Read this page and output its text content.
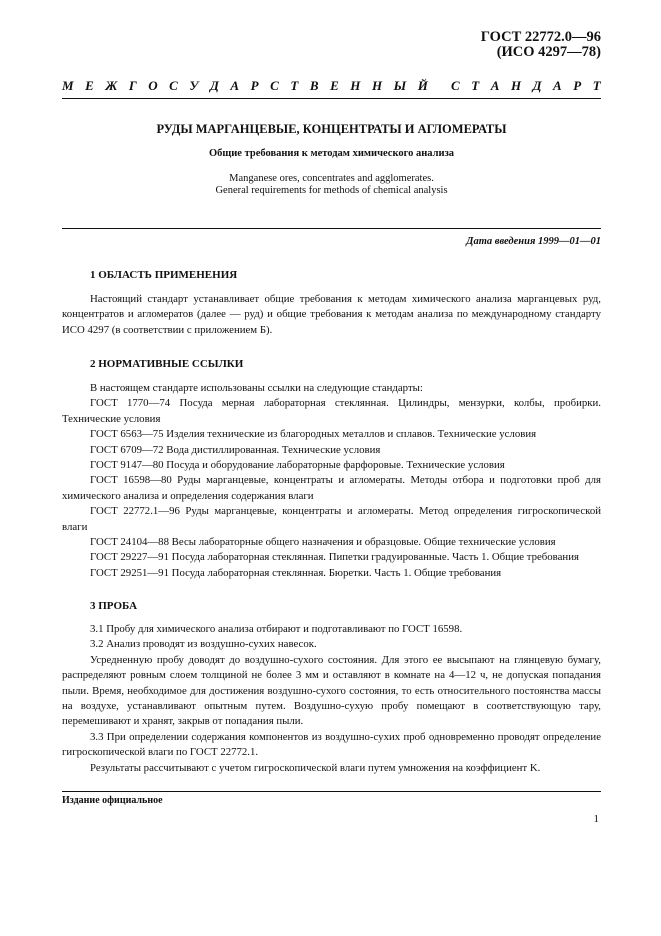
ГОСТ 22772.0—96
(ИСО 4297—78)
М Е Ж Г О С У Д А Р С Т В Е Н Н Ы Й С Т А Н Д А Р Т
РУДЫ МАРГАНЦЕВЫЕ, КОНЦЕНТРАТЫ И АГЛОМЕРАТЫ
Общие требования к методам химического анализа
Manganese ores, concentrates and agglomerates.
General requirements for methods of chemical analysis
Дата введения 1999—01—01
1 ОБЛАСТЬ ПРИМЕНЕНИЯ

Настоящий стандарт устанавливает общие требования к методам химического анализа марганцевых руд, концентратов и агломератов (далее — руд) и общие требования к методам анализа по международному стандарту ИСО 4297 (в соответствии с приложением Б).

2 НОРМАТИВНЫЕ ССЫЛКИ

В настоящем стандарте использованы ссылки на следующие стандарты:

ГОСТ 1770—74 Посуда мерная лабораторная стеклянная. Цилиндры, мензурки, колбы, пробирки. Технические условия

ГОСТ 6563—75 Изделия технические из благородных металлов и сплавов. Технические условия

ГОСТ 6709—72 Вода дистиллированная. Технические условия

ГОСТ 9147—80 Посуда и оборудование лабораторные фарфоровые. Технические условия

ГОСТ 16598—80 Руды марганцевые, концентраты и агломераты. Методы отбора и подготовки проб для химического анализа и определения содержания влаги

ГОСТ 22772.1—96 Руды марганцевые, концентраты и агломераты. Метод определения гигроскопической влаги

ГОСТ 24104—88 Весы лабораторные общего назначения и образцовые. Общие технические условия

ГОСТ 29227—91 Посуда лабораторная стеклянная. Пипетки градуированные. Часть 1. Общие требования

ГОСТ 29251—91 Посуда лабораторная стеклянная. Бюретки. Часть 1. Общие требования

3 ПРОБА

3.1 Пробу для химического анализа отбирают и подготавливают по ГОСТ 16598.

3.2 Анализ проводят из воздушно-сухих навесок.

Усредненную пробу доводят до воздушно-сухого состояния. Для этого ее высыпают на глянцевую бумагу, распределяют ровным слоем толщиной не более 3 мм и оставляют в комнате на 4—12 ч, не допуская попадания пыли. Время, необходимое для достижения воздушно-сухого состояния, то есть относительного постоянства массы на воздухе, устанавливают опытным путем. Воздушно-сухую пробу помещают в соответствующую тару, перемешивают и хранят, закрыв от попадания пыли.

3.3 При определении содержания компонентов из воздушно-сухих проб одновременно проводят определение гигроскопической влаги по ГОСТ 22772.1.

Результаты рассчитывают с учетом гигроскопической влаги путем умножения на коэффициент K.

Издание официальное
1
